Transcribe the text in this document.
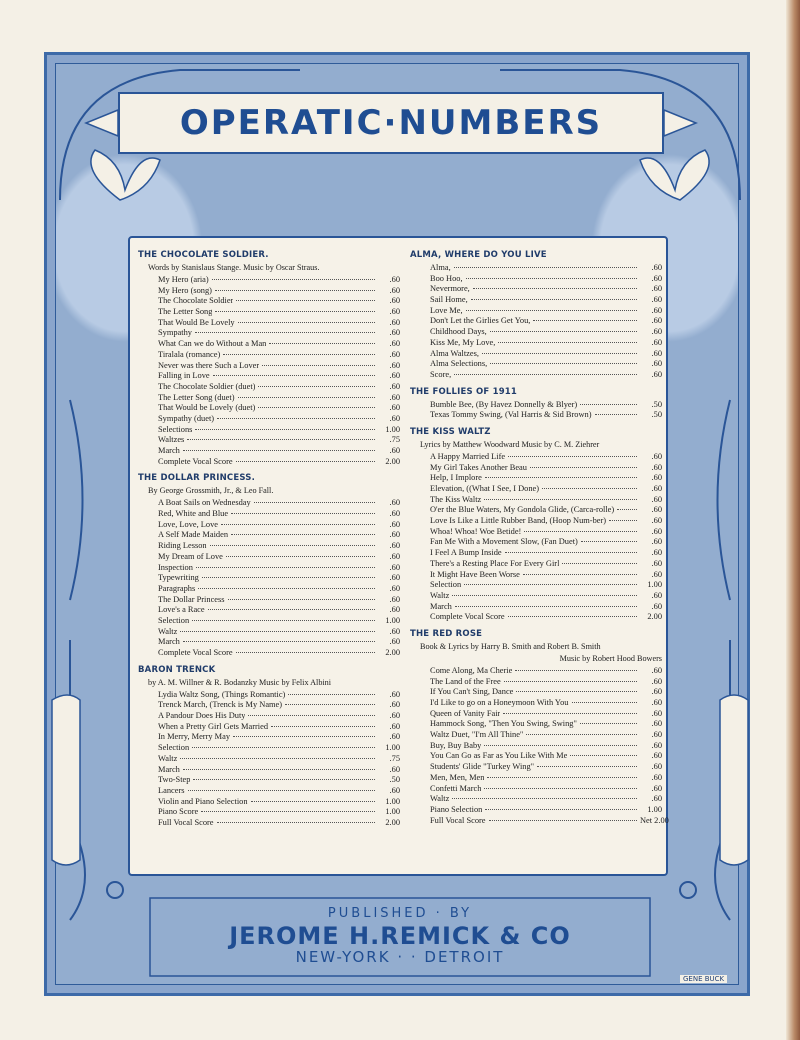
OPERATIC·NUMBERS
THE CHOCOLATE SOLDIER.
Words by Stanislaus Stange. Music by Oscar Straus.
My Hero (aria)	.60
My Hero (song)	.60
The Chocolate Soldier	.60
The Letter Song	.60
That Would Be Lovely	.60
Sympathy	.60
What Can we do Without a Man	.60
Tiralala (romance)	.60
Never was there Such a Lover	.60
Falling in Love	.60
The Chocolate Soldier (duet)	.60
The Letter Song (duet)	.60
That Would be Lovely (duet)	.60
Sympathy (duet)	.60
Selections	1.00
Waltzes	.75
March	.60
Complete Vocal Score	2.00
THE DOLLAR PRINCESS.
By George Grossmith, Jr., & Leo Fall.
A Boat Sails on Wednesday	.60
Red, White and Blue	.60
Love, Love, Love	.60
A Self Made Maiden	.60
Riding Lesson	.60
My Dream of Love	.60
Inspection	.60
Typewriting	.60
Paragraphs	.60
The Dollar Princess	.60
Love's a Race	.60
Selection	1.00
Waltz	.60
March	.60
Complete Vocal Score	2.00
BARON TRENCK
by A. M. Willner & R. Bodanzky Music by Felix Albini
Lydia Waltz Song, (Things Romantic)	.60
Trenck March, (Trenck is My Name)	.60
A Pandour Does His Duty	.60
When a Pretty Girl Gets Married	.60
In Merry, Merry May	.60
Selection	1.00
Waltz	.75
March	.60
Two-Step	.50
Lancers	.60
Violin and Piano Selection	1.00
Piano Score	1.00
Full Vocal Score	2.00
ALMA, WHERE DO YOU LIVE
Alma,	.60
Boo Hoo,	.60
Nevermore,	.60
Sail Home,	.60
Love Me,	.60
Don't Let the Girlies Get You,	.60
Childhood Days,	.60
Kiss Me, My Love,	.60
Alma Waltzes,	.60
Alma Selections,	.60
Score,	.60
THE FOLLIES OF 1911
Bumble Bee, (By Havez Donnelly & Blyer)	.50
Texas Tommy Swing, (Val Harris & Sid Brown)	.50
THE KISS WALTZ
Lyrics by Matthew Woodward Music by C. M. Ziehrer
A Happy Married Life	.60
My Girl Takes Another Beau	.60
Help, I Implore	.60
Elevation, ((What I See, I Done)	.60
The Kiss Waltz	.60
O'er the Blue Waters, My Gondola Glide, (Carca-rolle)	.60
Love Is Like a Little Rubber Band, (Hoop Num-ber)	.60
Whoa! Whoa! Woe Betide!	.60
Fan Me With a Movement Slow, (Fan Duet)	.60
I Feel A Bump Inside	.60
There's a Resting Place For Every Girl	.60
It Might Have Been Worse	.60
Selection	1.00
Waltz	.60
March	.60
Complete Vocal Score	2.00
THE RED ROSE
Book & Lyrics by Harry B. Smith and Robert B. Smith
Music by Robert Hood Bowers
Come Along, Ma Cherie	.60
The Land of the Free	.60
If You Can't Sing, Dance	.60
I'd Like to go on a Honeymoon With You	.60
Queen of Vanity Fair	.60
Hammock Song, "Then You Swing, Swing"	.60
Waltz Duet, "I'm All Thine"	.60
Buy, Buy Baby	.60
You Can Go as Far as You Like With Me	.60
Students' Glide "Turkey Wing"	.60
Men, Men, Men	.60
Confetti March	.60
Waltz	.60
Piano Selection	1.00
Full Vocal Score	Net 2.00
PUBLISHED · BY
JEROME H.REMICK & CO
NEW-YORK · · DETROIT
GENE BUCK
